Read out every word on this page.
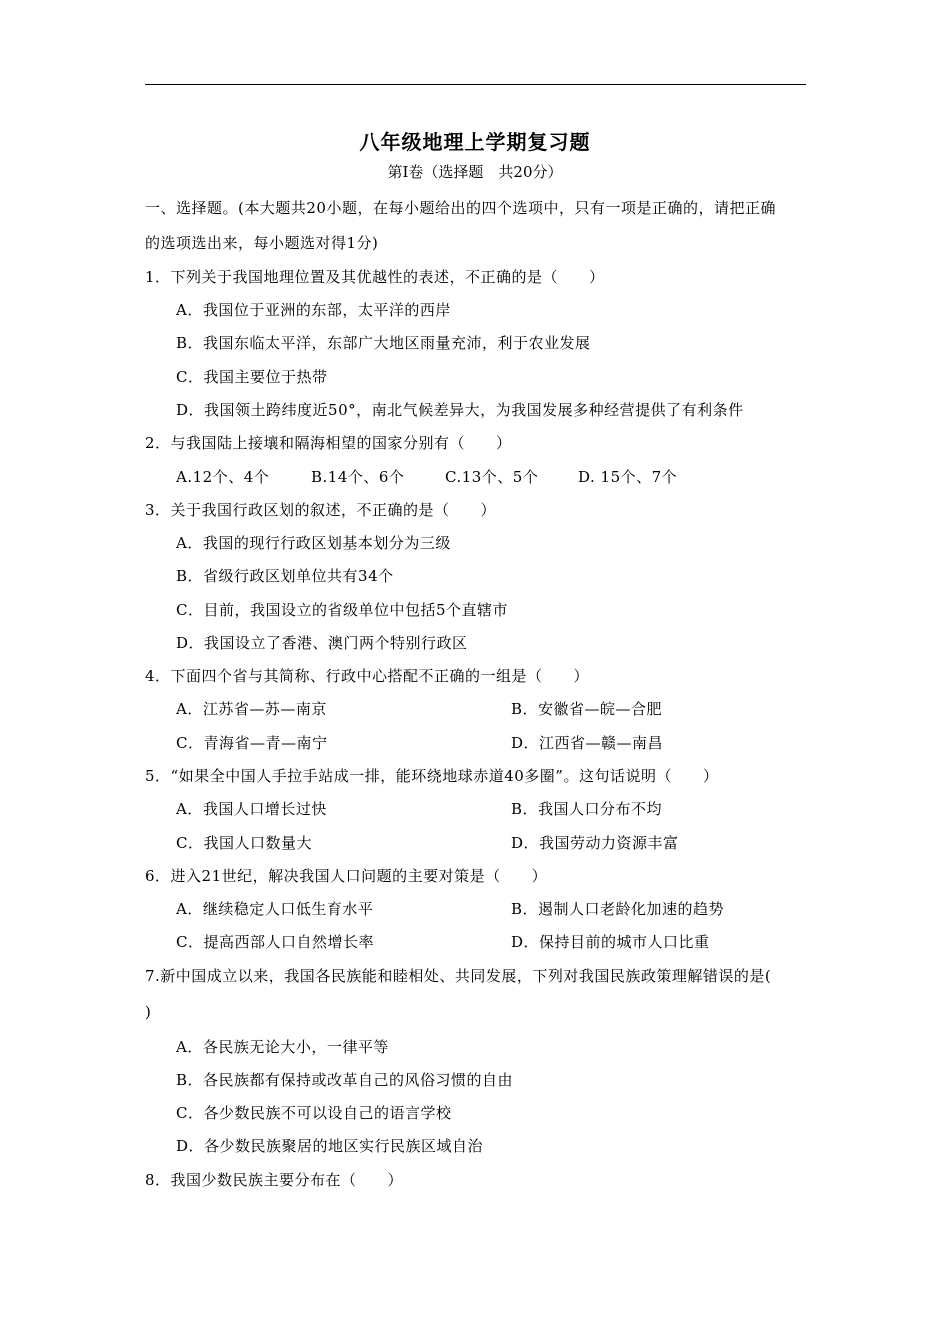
八年级地理上学期复习题
第Ⅰ卷（选择题　共20分）
一、选择题。(本大题共20小题，在每小题给出的四个选项中，只有一项是正确的，请把正确
的选项选出来，每小题选对得1分)
1．下列关于我国地理位置及其优越性的表述，不正确的是（　　）
A．我国位于亚洲的东部，太平洋的西岸
B．我国东临太平洋，东部广大地区雨量充沛，利于农业发展
C．我国主要位于热带
D．我国领土跨纬度近50°，南北气候差异大，为我国发展多种经营提供了有利条件
2．与我国陆上接壤和隔海相望的国家分别有（　　）
A.12个、4个	B.14个、6个	C.13个、5个	D. 15个、7个
3．关于我国行政区划的叙述，不正确的是（　　）
A．我国的现行行政区划基本划分为三级
B．省级行政区划单位共有34个
C．目前，我国设立的省级单位中包括5个直辖市
D．我国设立了香港、澳门两个特别行政区
4．下面四个省与其简称、行政中心搭配不正确的一组是（　　）
A．江苏省—苏—南京	B．安徽省—皖—合肥
C．青海省—青—南宁	D．江西省—赣—南昌
5．“如果全中国人手拉手站成一排，能环绕地球赤道40多圈”。这句话说明（　　）
A．我国人口增长过快	B．我国人口分布不均
C．我国人口数量大	D．我国劳动力资源丰富
6．进入21世纪，解决我国人口问题的主要对策是（　　）
A．继续稳定人口低生育水平	B．遏制人口老龄化加速的趋势
C．提高西部人口自然增长率	D．保持目前的城市人口比重
7.新中国成立以来，我国各民族能和睦相处、共同发展，下列对我国民族政策理解错误的是(
)
A．各民族无论大小，一律平等
B．各民族都有保持或改革自己的风俗习惯的自由
C．各少数民族不可以设自己的语言学校
D．各少数民族聚居的地区实行民族区域自治
8．我国少数民族主要分布在（　　）
